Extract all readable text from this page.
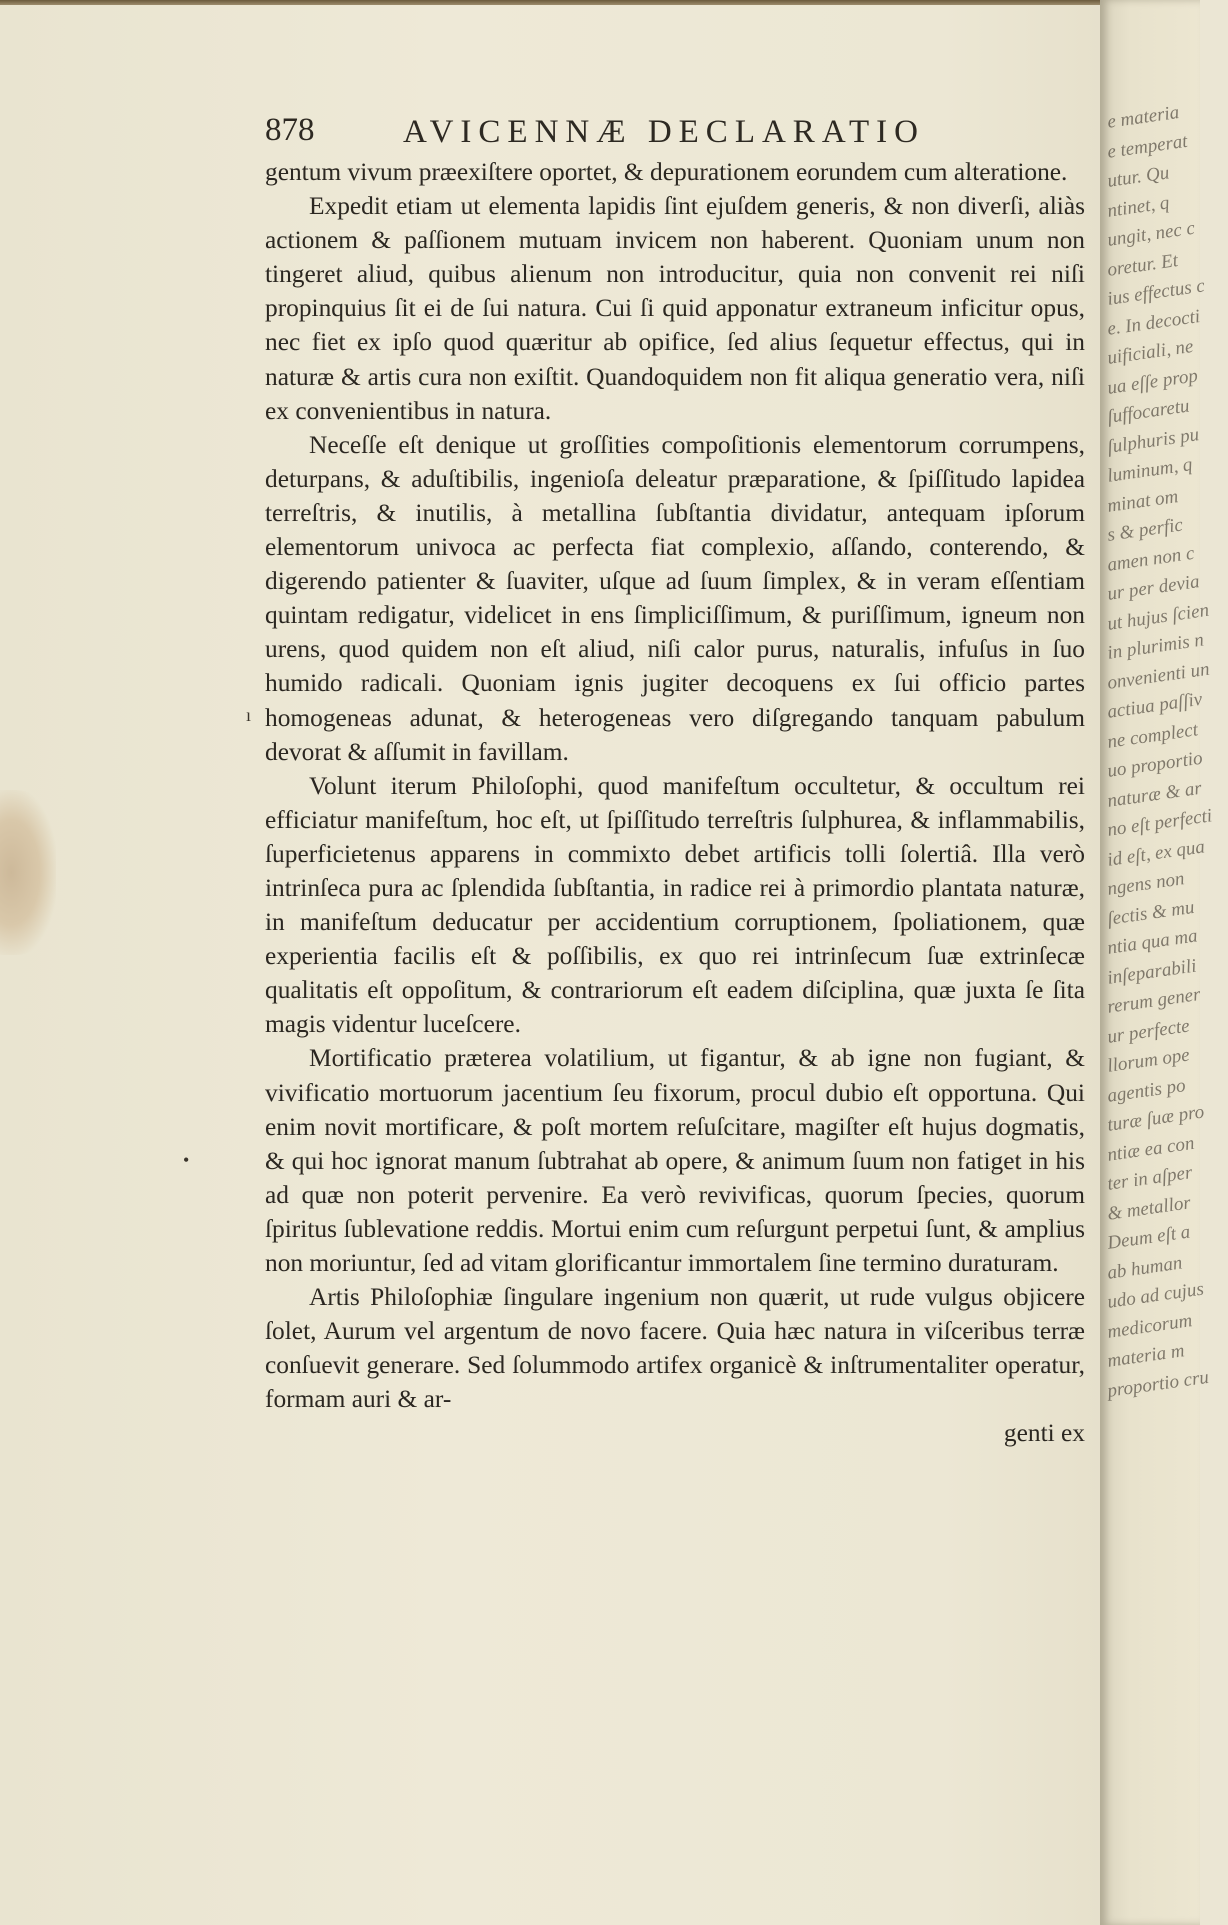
878	AVICENNÆ DECLARATIO

gentum vivum præexiſtere oportet, & depurationem eorundem cum alteratione.

Expedit etiam ut elementa lapidis ſint ejuſdem generis, & non diverſi, aliàs actionem & paſſionem mutuam invicem non haberent. Quoniam unum non tingeret aliud, quibus alienum non introducitur, quia non convenit rei niſi propinquius ſit ei de ſui natura. Cui ſi quid apponatur extraneum inficitur opus, nec fiet ex ipſo quod quæritur ab opifice, ſed alius ſequetur effectus, qui in naturæ & artis cura non exiſtit. Quandoquidem non fit aliqua generatio vera, niſi ex convenientibus in natura.

Neceſſe eſt denique ut groſſities compoſitionis elementorum corrumpens, deturpans, & aduſtibilis, ingenioſa deleatur præparatione, & ſpiſſitudo lapidea terreſtris, & inutilis, à metallina ſubſtantia dividatur, antequam ipſorum elementorum univoca ac perfecta fiat complexio, aſſando, conterendo, & digerendo patienter & ſuaviter, uſque ad ſuum ſimplex, & in veram eſſentiam quintam redigatur, videlicet in ens ſimpliciſſimum, & puriſſimum, igneum non urens, quod quidem non eſt aliud, niſi calor purus, naturalis, infuſus in ſuo humido radicali. Quoniam ignis jugiter decoquens ex ſui officio partes homogeneas adunat, & heterogeneas vero diſgregando tanquam pabulum devorat & aſſumit in favillam.

Volunt iterum Philoſophi, quod manifeſtum occultetur, & occultum rei efficiatur manifeſtum, hoc eſt, ut ſpiſſitudo terreſtris ſulphurea, & inflammabilis, ſuperficietenus apparens in commixto debet artificis tolli ſolertiâ. Illa verò intrinſeca pura ac ſplendida ſubſtantia, in radice rei à primordio plantata naturæ, in manifeſtum deducatur per accidentium corruptionem, ſpoliationem, quæ experientia facilis eſt & poſſibilis, ex quo rei intrinſecum ſuæ extrinſecæ qualitatis eſt oppoſitum, & contrariorum eſt eadem diſciplina, quæ juxta ſe ſita magis videntur luceſcere.

Mortificatio præterea volatilium, ut figantur, & ab igne non fugiant, & vivificatio mortuorum jacentium ſeu fixorum, procul dubio eſt opportuna. Qui enim novit mortificare, & poſt mortem reſuſcitare, magiſter eſt hujus dogmatis, & qui hoc ignorat manum ſubtrahat ab opere, & animum ſuum non fatiget in his ad quæ non poterit pervenire. Ea verò revivificas, quorum ſpecies, quorum ſpiritus ſublevatione reddis. Mortui enim cum reſurgunt perpetui ſunt, & amplius non moriuntur, ſed ad vitam glorificantur immortalem ſine termino duraturam.

Artis Philoſophiæ ſingulare ingenium non quærit, ut rude vulgus objicere ſolet, Aurum vel argentum de novo facere. Quia hæc natura in viſceribus terræ conſuevit generare. Sed ſolummodo artifex organicè & inſtrumentaliter operatur, formam auri & ar-

genti ex
ı
•
e materia
e temperat
utur. Qu
ntinet, q
ungit, nec c
oretur. Et
ius effectus c
e. In decocti
uificiali, ne
ua eſſe prop
ſuffocaretu
ſulphuris pu
luminum, q
minat om
s & perfic
amen non c
ur per devia
ut hujus ſcien
in plurimis n
onvenienti un
actiua paſſiv
ne complect
uo proportio
naturæ & ar
no eſt perfecti
id eſt, ex qua
ngens non
ſectis & mu
ntia qua ma
inſeparabili
rerum gener
ur perfecte
llorum ope
agentis po
turæ ſuæ pro
ntiæ ea con
ter in aſper
& metallor
Deum eſt a
ab human
udo ad cujus
medicorum
materia m
proportio cru
